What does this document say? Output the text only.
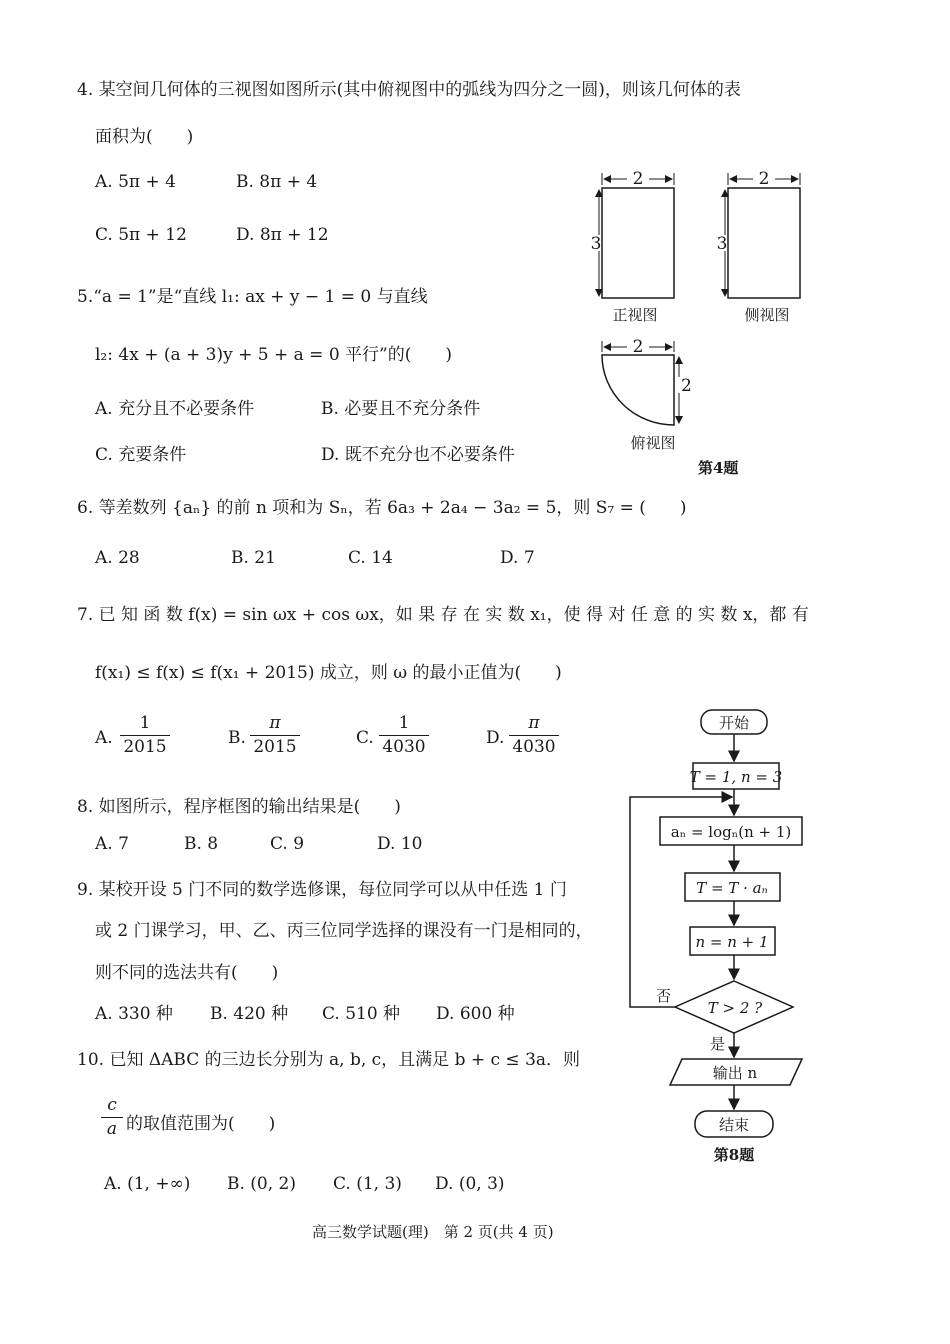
4. 某空间几何体的三视图如图所示(其中俯视图中的弧线为四分之一圆)，则该几何体的表
面积为(　　)
A. 5π + 4	B. 8π + 4
C. 5π + 12	D. 8π + 12
2
3
正视图
2
3
侧视图
2
2
俯视图
第4题
5.“a = 1”是“直线 l₁: ax + y − 1 = 0 与直线
l₂: 4x + (a + 3)y + 5 + a = 0 平行”的(　　)
A. 充分且不必要条件	B. 必要且不充分条件
C. 充要条件	D. 既不充分也不必要条件
6. 等差数列 {aₙ} 的前 n 项和为 Sₙ，若 6a₃ + 2a₄ − 3a₂ = 5，则 S₇ = (　　)
A. 28	B. 21	C. 14	D. 7
7. 已 知 函 数 f(x) = sin ωx + cos ωx，如 果 存 在 实 数 x₁，使 得 对 任 意 的 实 数 x，都 有
f(x₁) ≤ f(x) ≤ f(x₁ + 2015) 成立，则 ω 的最小正值为(　　)
A. $\frac{1}{2015}$	B. $\frac{\pi}{2015}$	C. $\frac{1}{4030}$	D. $\frac{\pi}{4030}$
8. 如图所示，程序框图的输出结果是(　　)
A. 7	B. 8	C. 9	D. 10
开始
T = 1, n = 3
aₙ = logₙ(n + 1)
T = T · aₙ
n = n + 1
T > 2 ?
否
是
输出 n
结束
第8题
9. 某校开设 5 门不同的数学选修课，每位同学可以从中任选 1 门
或 2 门课学习，甲、乙、丙三位同学选择的课没有一门是相同的，
则不同的选法共有(　　)
A. 330 种 B. 420 种 C. 510 种 D. 600 种
10. 已知 ΔABC 的三边长分别为 a, b, c，且满足 b + c ≤ 3a．则
$\frac{c}{a}$ 的取值范围为(　　)
A. (1, +∞) B. (0, 2) C. (1, 3) D. (0, 3)
高三数学试题(理)　第 2 页(共 4 页)
